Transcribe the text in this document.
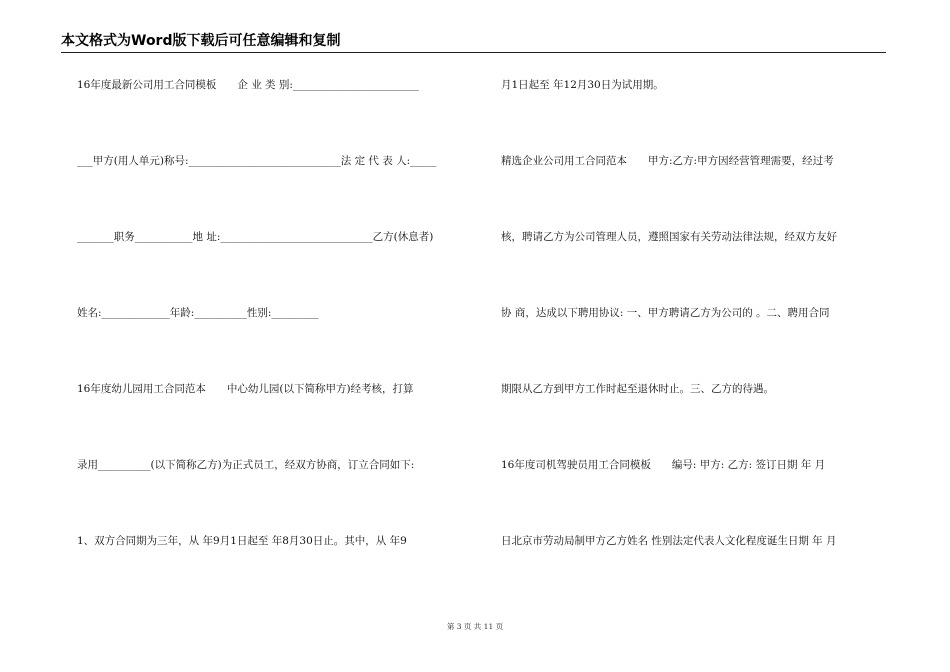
本文格式为Word版下载后可任意编辑和复制
16年度最新公司用工合同模板　　企 业 类 别:________________________
___甲方(用人单元)称号:_____________________________法 定 代 表 人:_____
_______职务___________地 址:_____________________________乙方(休息者)
姓名:_____________年龄:__________性别:_________
16年度幼儿园用工合同范本　　中心幼儿园(以下简称甲方)经考核，打算
录用__________(以下简称乙方)为正式员工，经双方协商，订立合同如下:
1、双方合同期为三年，从 年9月1日起至 年8月30日止。其中，从 年9
月1日起至 年12月30日为试用期。
精选企业公司用工合同范本　　甲方:乙方:甲方因经营管理需要，经过考
核，聘请乙方为公司管理人员，遵照国家有关劳动法律法规，经双方友好
协 商，达成以下聘用协议: 一、甲方聘请乙方为公司的 。二、聘用合同
期限从乙方到甲方工作时起至退休时止。三、乙方的待遇。
16年度司机驾驶员用工合同模板　　编号: 甲方: 乙方: 签订日期 年 月
日北京市劳动局制甲方乙方姓名 性别法定代表人文化程度诞生日期 年 月
第 3 页 共 11 页
